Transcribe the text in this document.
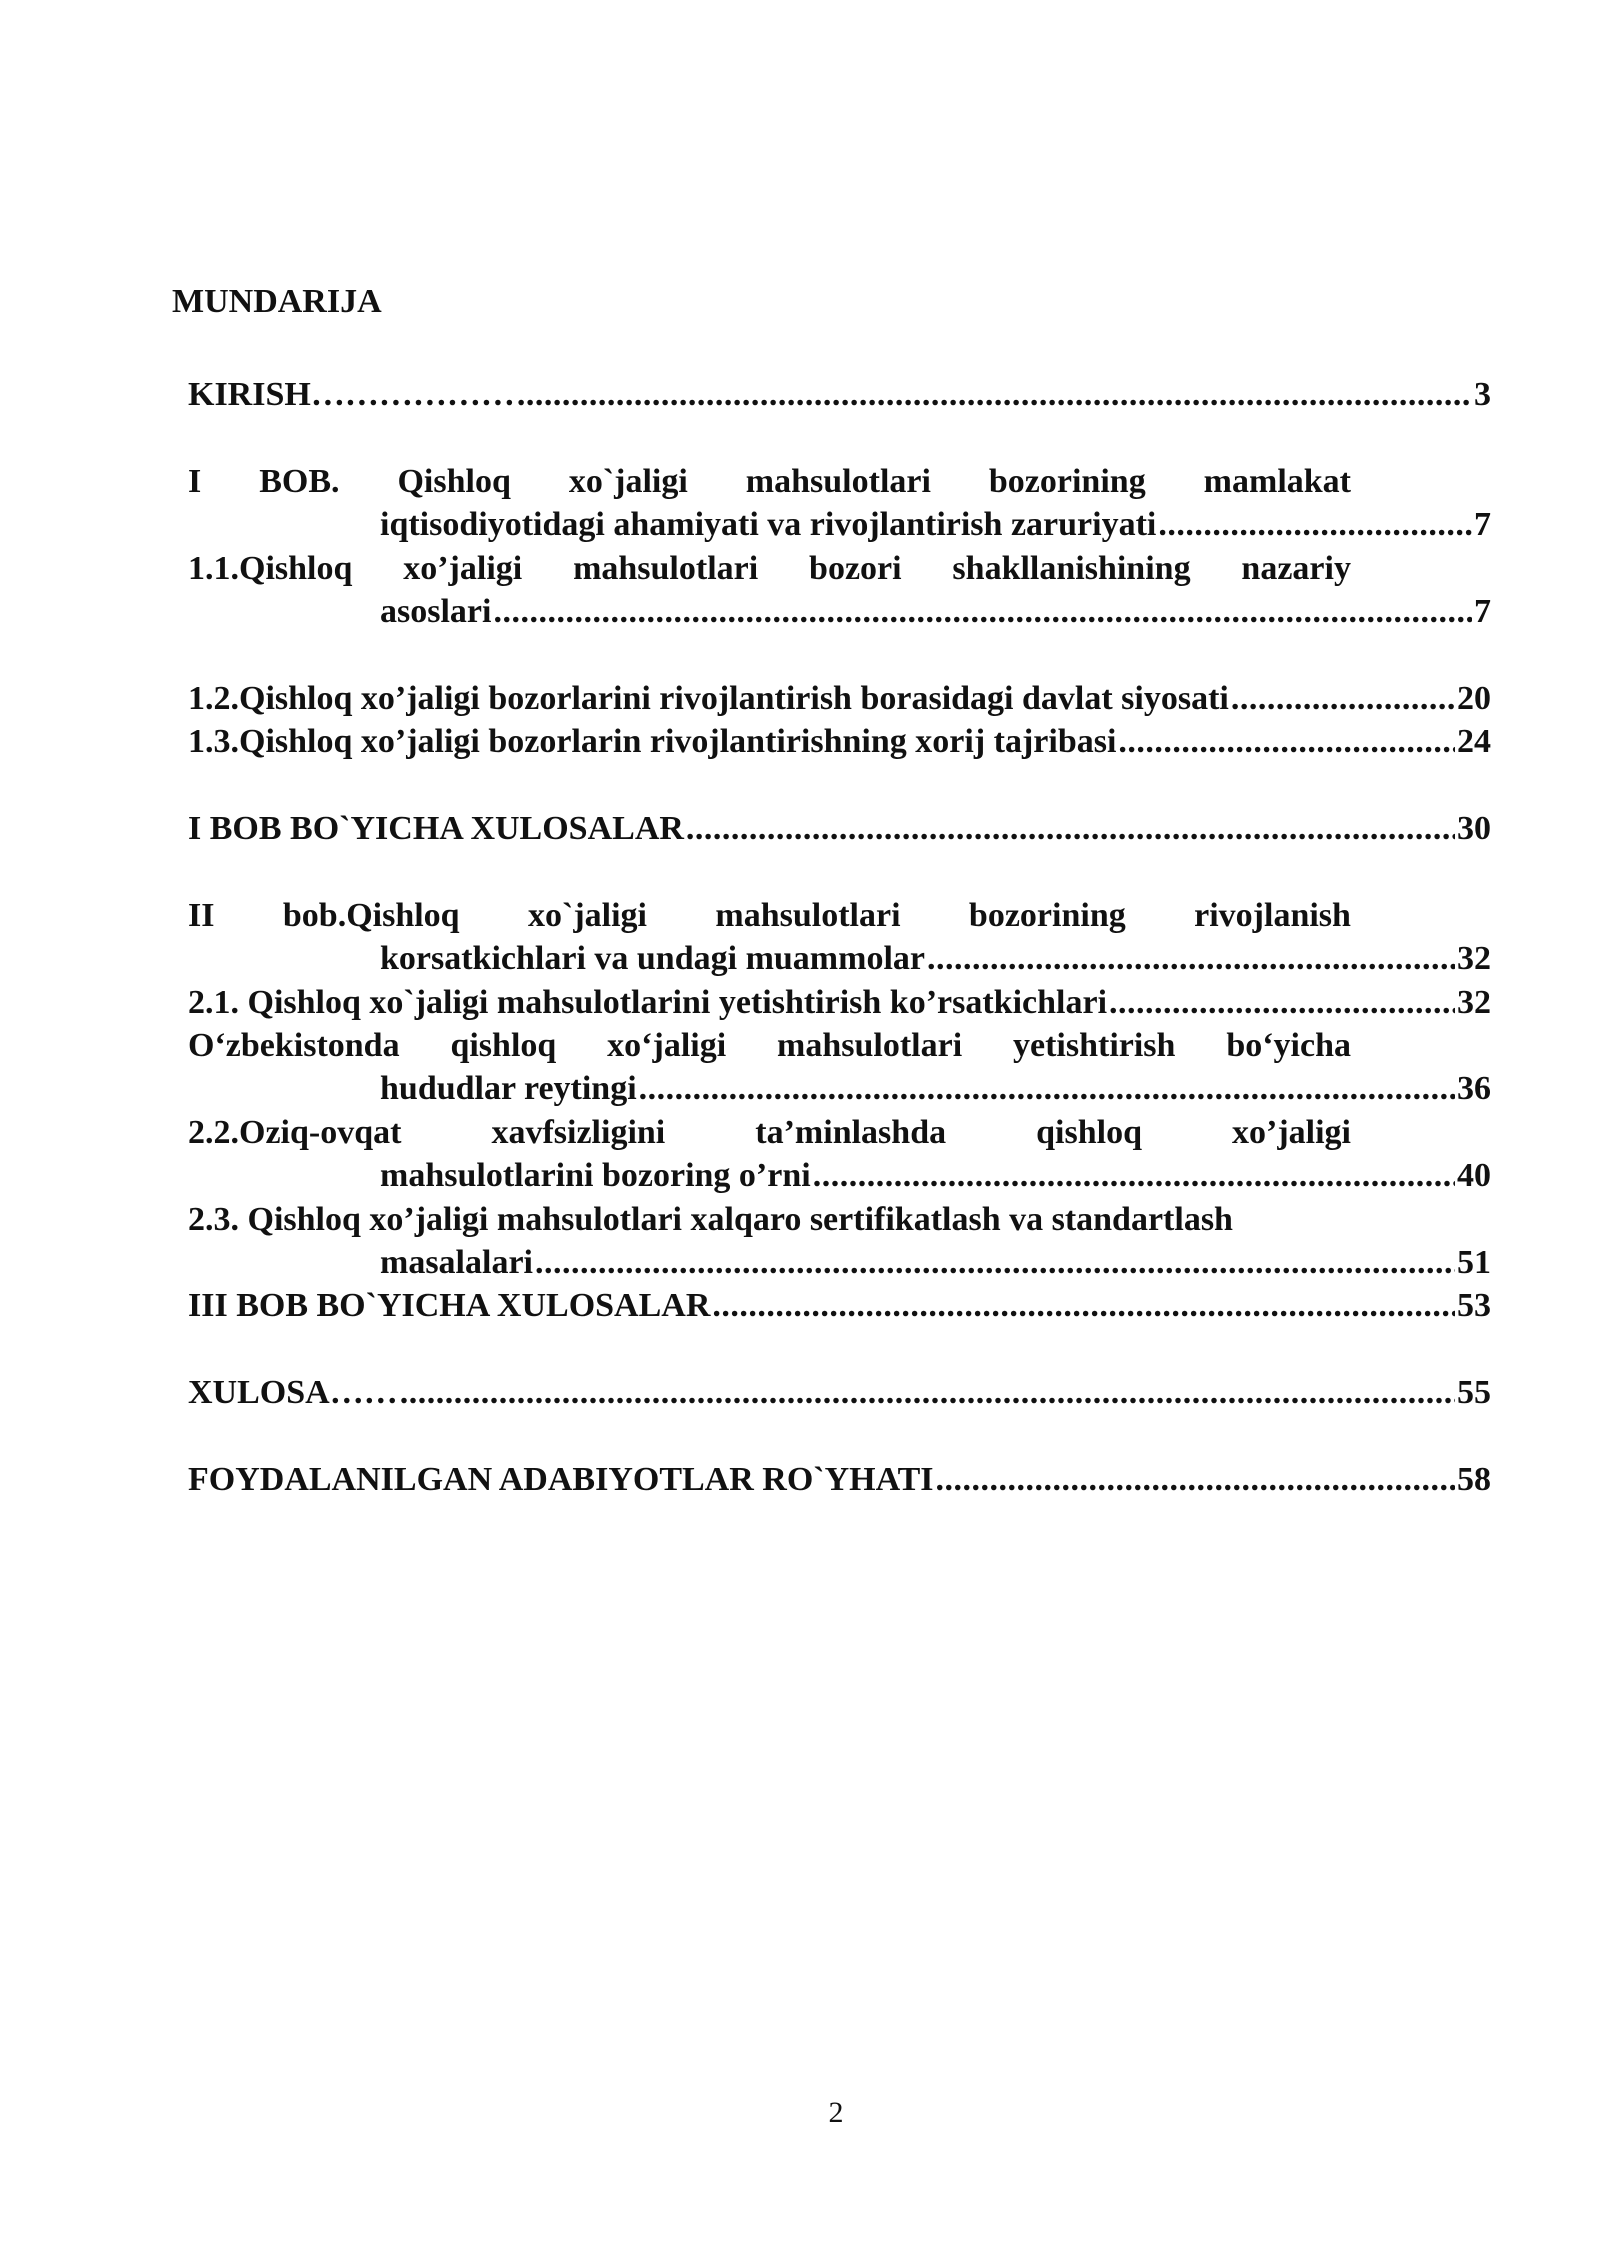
MUNDARIJA
KIRISH……………… .....	3
I BOB. Qishloq xo`jaligi mahsulotlari bozorining mamlakat
iqtisodiyotidagi ahamiyati va rivojlantirish zaruriyati .....	7
1.1.Qishloq xo’jaligi mahsulotlari bozori shakllanishining nazariy
asoslari .....	7
1.2.Qishloq xo’jaligi bozorlarini rivojlantirish borasidagi davlat siyosati .....	20
1.3.Qishloq xo’jaligi bozorlarin rivojlantirishning xorij tajribasi .....	24
I BOB BO`YICHA XULOSALAR .....	30
II bob.Qishloq xo`jaligi mahsulotlari bozorining rivojlanish
korsatkichlari va undagi muammolar .....	32
2.1. Qishloq xo`jaligi mahsulotlarini yetishtirish ko’rsatkichlari .....	32
O‘zbekistonda qishloq xo‘jaligi mahsulotlari yetishtirish bo‘yicha
hududlar reytingi .....	36
2.2.Oziq-ovqat	xavfsizligini	ta’minlashda	qishloq	xo’jaligi
mahsulotlarini bozoring o’rni .....	40
2.3. Qishloq xo’jaligi mahsulotlari xalqaro sertifikatlash va standartlash
masalalari .....	51
III BOB BO`YICHA XULOSALAR .....	53
XULOSA…… .....	55
FOYDALANILGAN ADABIYOTLAR RO`YHATI .....	58
2
